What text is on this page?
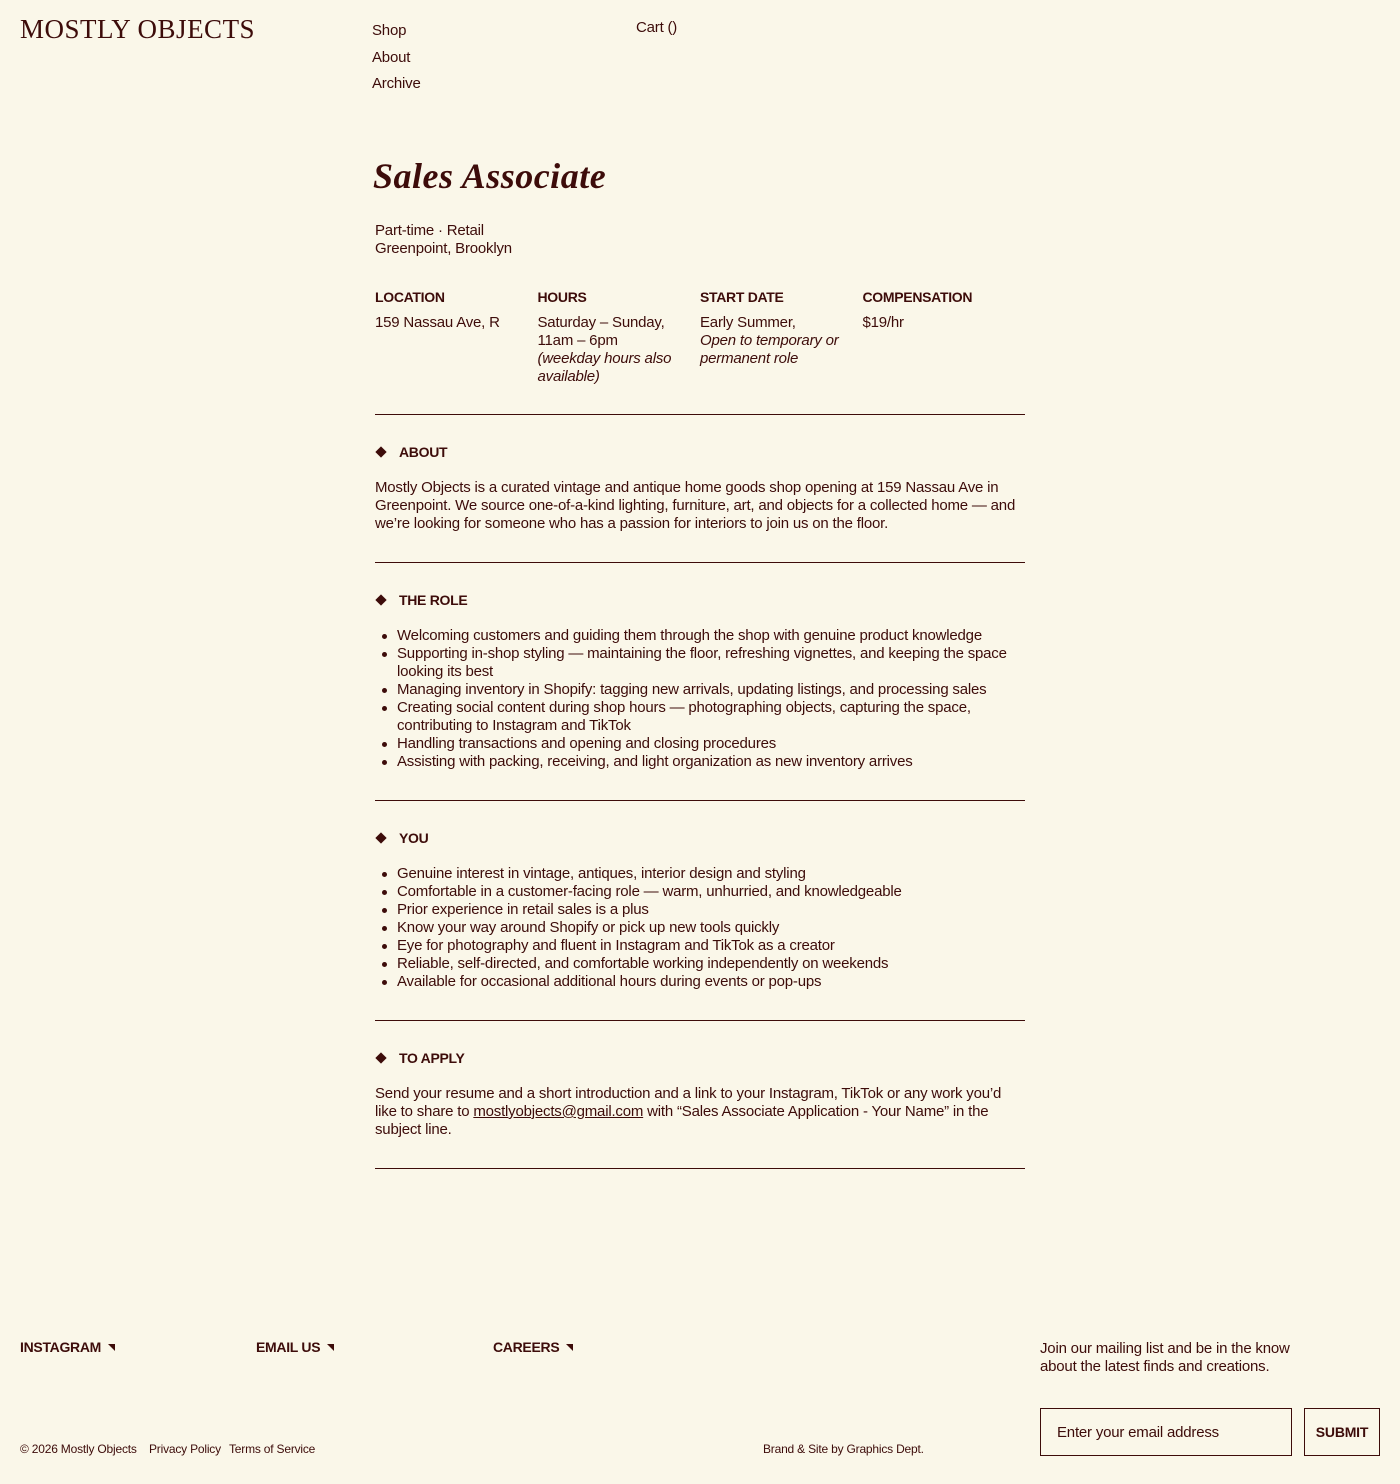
MOSTLY OBJECTS	Shop
About
Archive
Cart ()
Sales Associate
Part-time · Retail
Greenpoint, Brooklyn
LOCATION
159 Nassau Ave, R
HOURS
Saturday – Sunday, 11am – 6pm
(weekday hours also available)
START DATE
Early Summer,
Open to temporary or permanent role
COMPENSATION
$19/hr
ABOUT

Mostly Objects is a curated vintage and antique home goods shop opening at 159 Nassau Ave in Greenpoint. We source one-of-a-kind lighting, furniture, art, and objects for a collected home — and we’re looking for someone who has a passion for interiors to join us on the floor.

THE ROLE
Welcoming customers and guiding them through the shop with genuine product knowledge
Supporting in-shop styling — maintaining the floor, refreshing vignettes, and keeping the space looking its best
Managing inventory in Shopify: tagging new arrivals, updating listings, and processing sales
Creating social content during shop hours — photographing objects, capturing the space, contributing to Instagram and TikTok
Handling transactions and opening and closing procedures
Assisting with packing, receiving, and light organization as new inventory arrives
YOU
Genuine interest in vintage, antiques, interior design and styling
Comfortable in a customer-facing role — warm, unhurried, and knowledgeable
Prior experience in retail sales is a plus
Know your way around Shopify or pick up new tools quickly
Eye for photography and fluent in Instagram and TikTok as a creator
Reliable, self-directed, and comfortable working independently on weekends
Available for occasional additional hours during events or pop-ups
TO APPLY

Send your resume and a short introduction and a link to your Instagram, TikTok or any work you’d like to share to mostlyobjects@gmail.com with “Sales Associate Application - Your Name” in the subject line.

INSTAGRAM	EMAIL US	CAREERS	Join our mailing list and be in the know about the latest finds and creations.
Enter your email address
SUBMIT
© 2026 Mostly Objects Privacy Policy Terms of Service	Brand & Site by Graphics Dept.
